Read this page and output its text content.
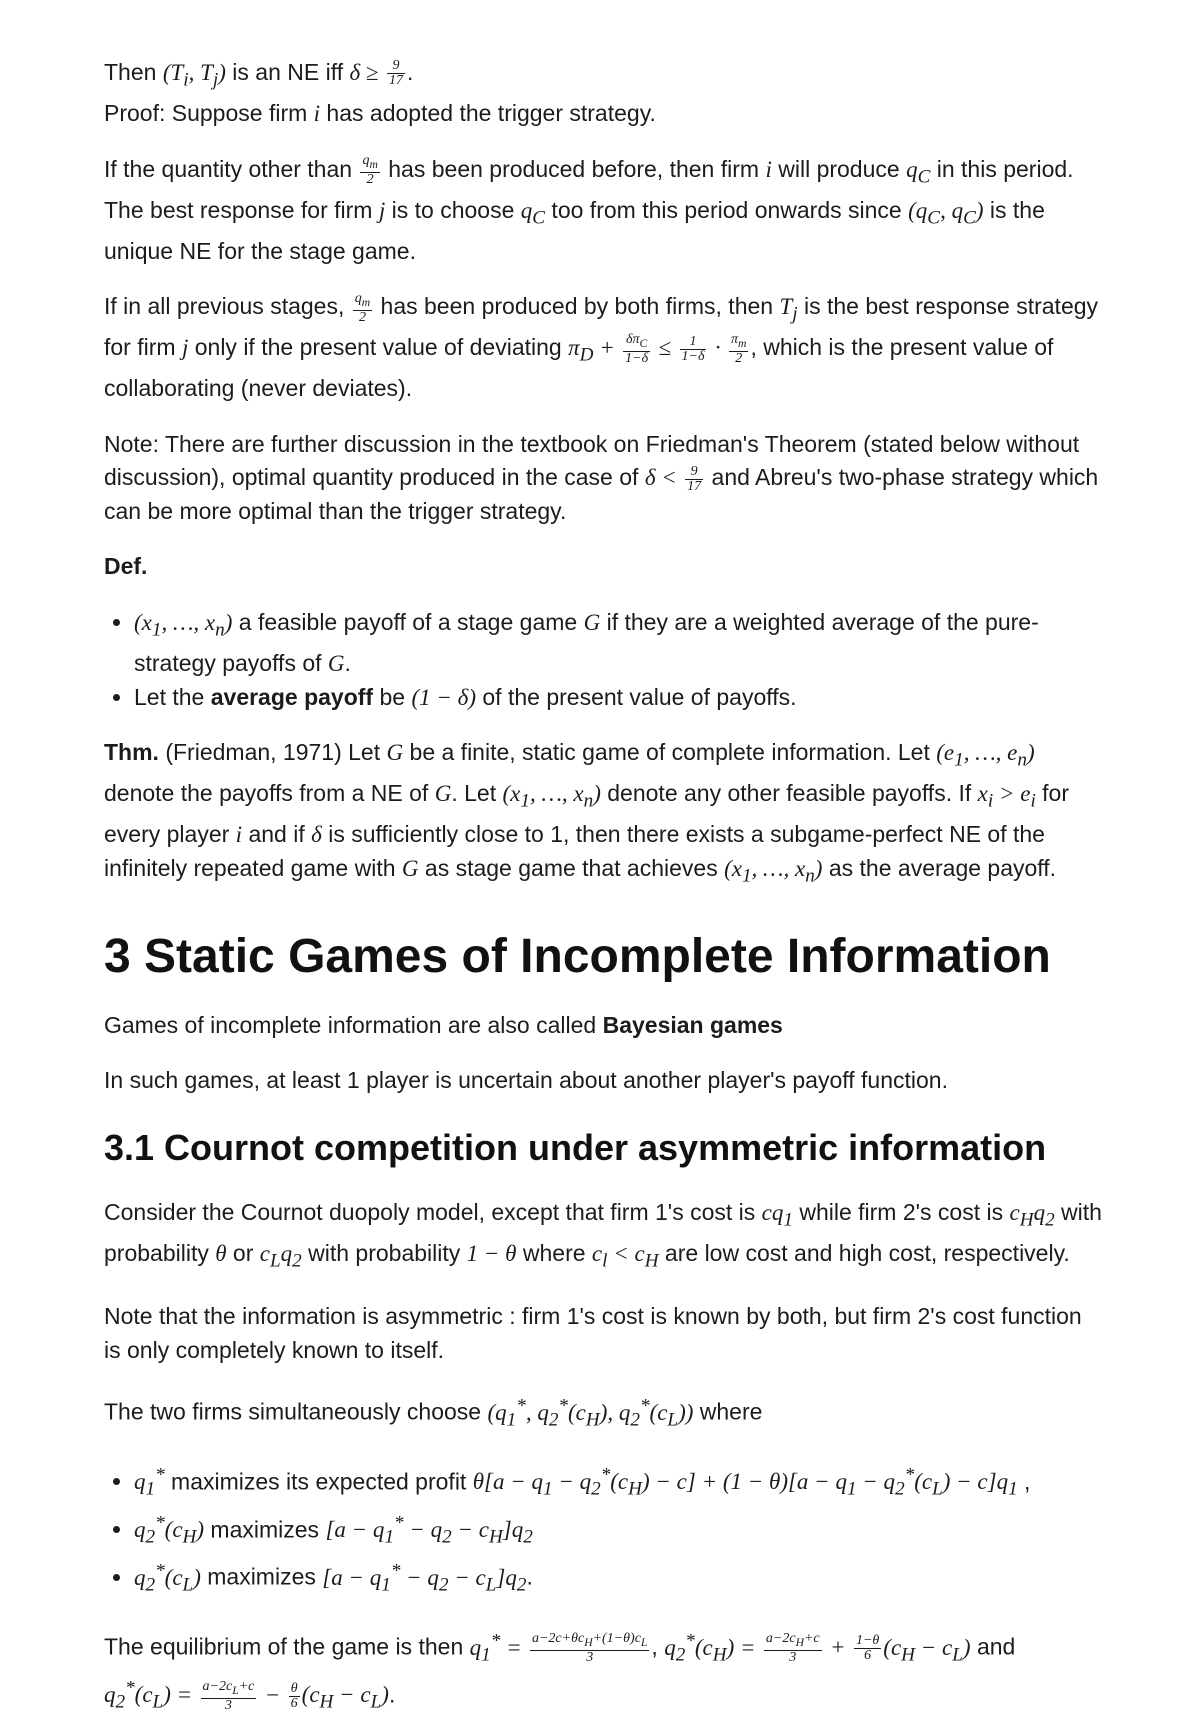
Then ($T_i$, $T_j$) is an NE iff $\delta \ge \frac{9}{17}$ .

Proof: Suppose firm i has adopted the trigger strategy.

If the quantity other than $\frac{q_m}{2}$ has been produced before, then firm i will produce $q_C$ in this period. The best response for firm j is to choose $q_C$ too from this period onwards since ($q_C$, $q_C$) is the unique NE for the stage game.

If in all previous stages, $\frac{q_m}{2}$ has been produced by both firms, then $T_j$ is the best response strategy for firm j only if the present value of deviating $\pi_D + \frac{\delta\pi_C}{1-\delta} \le \frac{1}{1-\delta} \cdot \frac{\pi_m}{2}$ , which is the present value of collaborating (never deviates).

Note: There are further discussion in the textbook on Friedman's Theorem (stated below without discussion), optimal quantity produced in the case of $\delta < \frac{9}{17}$ and Abreu's two-phase strategy which can be more optimal than the trigger strategy.

Def.

• ($x_1$, …, $x_n$) a feasible payoff of a stage game G if they are a weighted average of the pure-strategy payoffs of G.
• Let the average payoff be (1 − δ) of the present value of payoffs.

Thm. (Friedman, 1971) Let G be a finite, static game of complete information. Let ($e_1$, …, $e_n$) denote the payoffs from a NE of G. Let ($x_1$, …, $x_n$) denote any other feasible payoffs. If $x_i > e_i$ for every player i and if δ is sufficiently close to 1, then there exists a subgame-perfect NE of the infinitely repeated game with G as stage game that achieves ($x_1$, …, $x_n$) as the average payoff.

3 Static Games of Incomplete Information

Games of incomplete information are also called Bayesian games

In such games, at least 1 player is uncertain about another player's payoff function.

3.1 Cournot competition under asymmetric information

Consider the Cournot duopoly model, except that firm 1's cost is $cq_1$ while firm 2's cost is $c_Hq_2$ with probability θ or $c_Lq_2$ with probability 1 − θ where $c_l < c_H$ are low cost and high cost, respectively.

Note that the information is asymmetric : firm 1's cost is known by both, but firm 2's cost function is only completely known to itself.

The two firms simultaneously choose ($q_1^*$, $q_2^*(c_H)$, $q_2^*(c_L)$) where

• $q_1^*$ maximizes its expected profit $\theta[a - q_1 - q_2^*(c_H) - c] + (1 - \theta)[a - q_1 - q_2^*(c_L) - c]q_1$ ,
• $q_2^*(c_H)$ maximizes $[a - q_1^* - q_2 - c_H]q_2$
• $q_2^*(c_L)$ maximizes $[a - q_1^* - q_2 - c_L]q_2$.

The equilibrium of the game is then $q_1^* = \frac{a-2c+\theta c_H+(1-\theta)c_L}{3}$ , $q_2^*(c_H) = \frac{a-2c_H+c}{3} + \frac{1-\theta}{6} (c_H - c_L)$ and $q_2^*(c_L) = \frac{a-2c_L+c}{3} - \frac{\theta}{6} (c_H - c_L)$.
